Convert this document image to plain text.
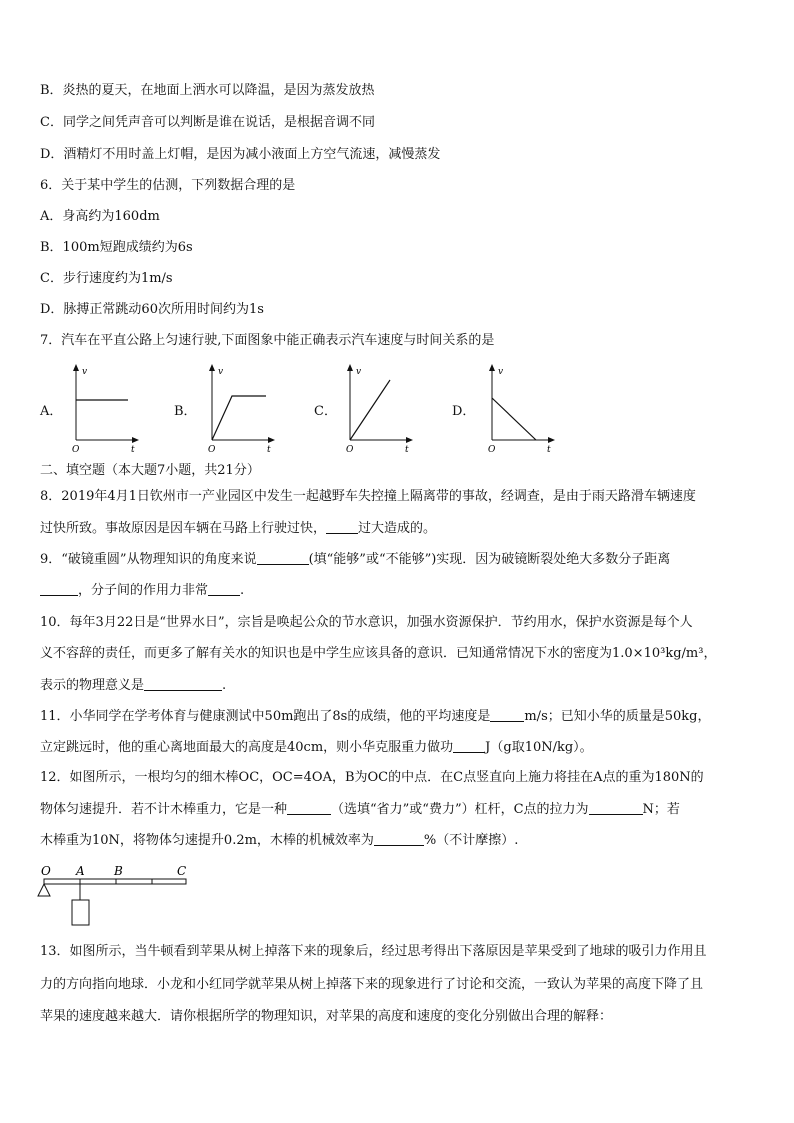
B．炎热的夏天，在地面上洒水可以降温，是因为蒸发放热
C．同学之间凭声音可以判断是谁在说话，是根据音调不同
D．酒精灯不用时盖上灯帽，是因为减小液面上方空气流速，减慢蒸发
6．关于某中学生的估测，下列数据合理的是
A．身高约为160dm
B．100m短跑成绩约为6s
C．步行速度约为1m/s
D．脉搏正常跳动60次所用时间约为1s
7．汽车在平直公路上匀速行驶,下面图象中能正确表示汽车速度与时间关系的是
A．
v
t
O
B．
v
t
O
C．
v
t
O
D．
v
t
O
二、填空题（本大题7小题，共21分）
8．2019年4月1日钦州市一产业园区中发生一起越野车失控撞上隔离带的事故，经调查，是由于雨天路滑车辆速度
过快所致。事故原因是因车辆在马路上行驶过快， 过大造成的。
9．“破镜重圆”从物理知识的角度来说	(填“能够”或“不能够”)实现．因为破镜断裂处绝大多数分子距离
，分子间的作用力非常 .
10．每年3月22日是“世界水日”，宗旨是唤起公众的节水意识，加强水资源保护．节约用水，保护水资源是每个人
义不容辞的责任，而更多了解有关水的知识也是中学生应该具备的意识．已知通常情况下水的密度为1.0×10³kg/m³，
表示的物理意义是	.
11．小华同学在学考体育与健康测试中50m跑出了8s的成绩，他的平均速度是	m/s；已知小华的质量是50kg，
立定跳远时，他的重心离地面最大的高度是40cm，则小华克服重力做功 J（g取10N/kg）。
12．如图所示，一根均匀的细木棒OC，OC=4OA，B为OC的中点．在C点竖直向上施力将挂在A点的重为180N的
物体匀速提升．若不计木棒重力，它是一种	（选填“省力”或“费力”）杠杆，C点的拉力为	N；若
木棒重为10N，将物体匀速提升0.2m，木棒的机械效率为	%（不计摩擦）.
O A B	C
13．如图所示，当牛顿看到苹果从树上掉落下来的现象后，经过思考得出下落原因是苹果受到了地球的吸引力作用且
力的方向指向地球．小龙和小红同学就苹果从树上掉落下来的现象进行了讨论和交流，一致认为苹果的高度下降了且
苹果的速度越来越大．请你根据所学的物理知识，对苹果的高度和速度的变化分别做出合理的解释：
